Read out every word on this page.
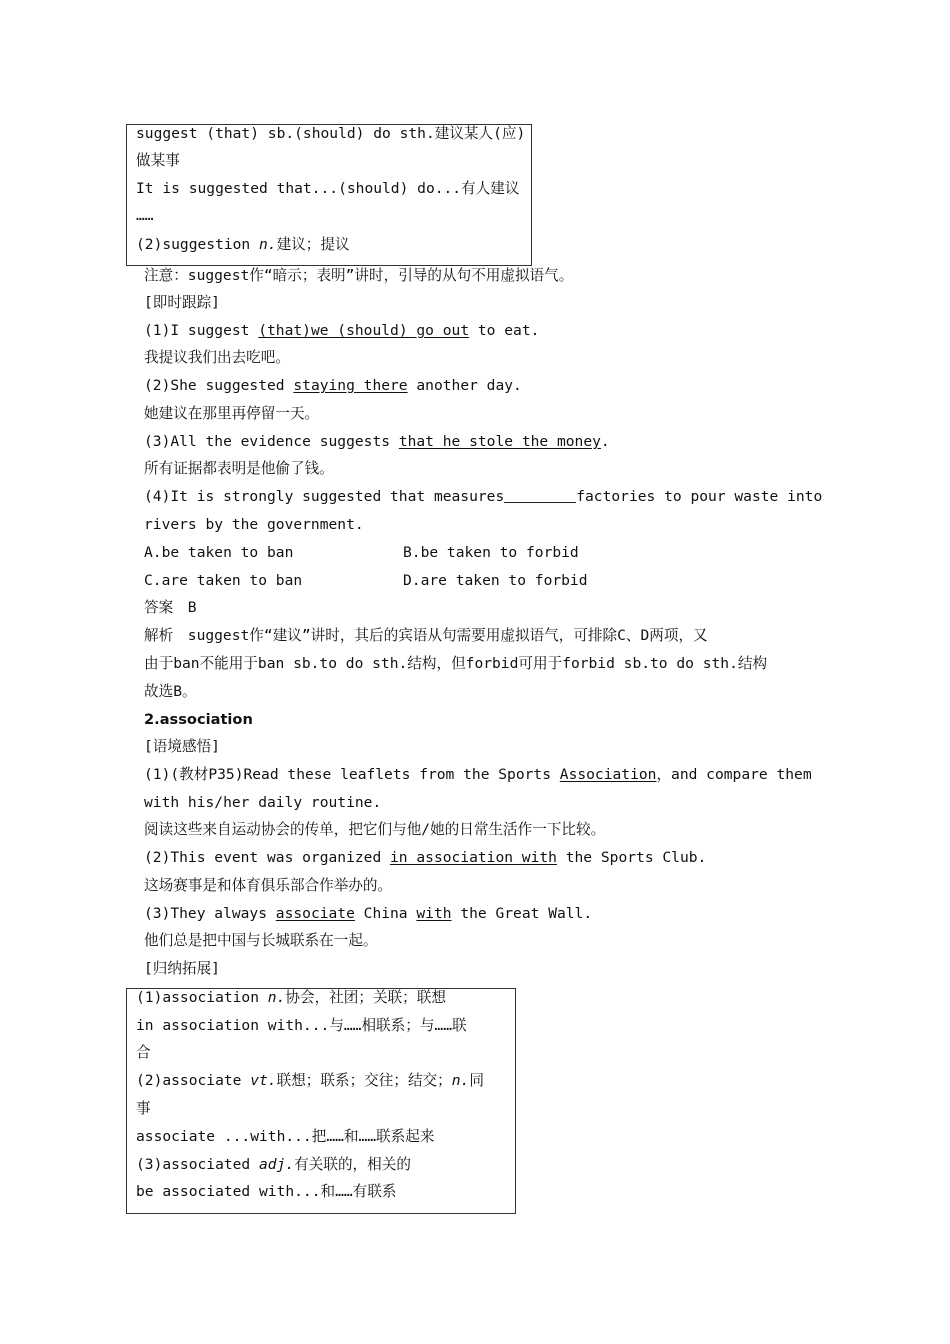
suggest (that) sb.(should) do sth.建议某人(应)
做某事
It is suggested that...(should) do...有人建议
……
(2)suggestion n.建议；提议
注意：suggest作“暗示；表明”讲时，引导的从句不用虚拟语气。
[即时跟踪]
(1)I suggest (that)we (should) go out to eat.
我提议我们出去吃吧。
(2)She suggested staying there another day.
她建议在那里再停留一天。
(3)All the evidence suggests that he stole the money.
所有证据都表明是他偷了钱。
(4)It is strongly suggested that measures	factories to pour waste into
rivers by the government.
A.be taken to ban	B.be taken to forbid
C.are taken to ban	D.are taken to forbid
答案　B
解析　suggest作“建议”讲时，其后的宾语从句需要用虚拟语气，可排除C、D两项，又
由于ban不能用于ban sb.to do sth.结构，但forbid可用于forbid sb.to do sth.结构
故选B。
2.association
[语境感悟]
(1)(教材P35)Read these leaflets from the Sports Association，and compare them
with his/her daily routine.
阅读这些来自运动协会的传单，把它们与他/她的日常生活作一下比较。
(2)This event was organized in association with the Sports Club.
这场赛事是和体育俱乐部合作举办的。
(3)They always associate China with the Great Wall.
他们总是把中国与长城联系在一起。
[归纳拓展]
(1)association n.协会，社团；关联；联想
in association with...与……相联系；与……联
合
(2)associate vt.联想；联系；交往；结交；n.同
事
associate ...with...把……和……联系起来
(3)associated adj.有关联的，相关的
be associated with...和……有联系
